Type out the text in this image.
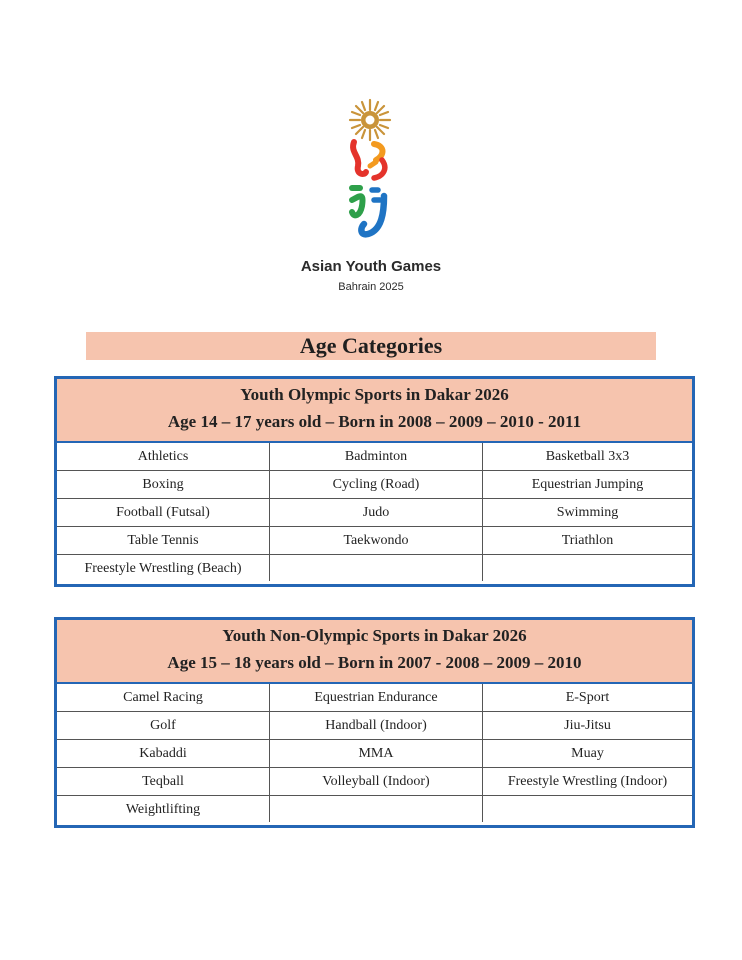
Asian Youth Games
Bahrain 2025
Age Categories
Youth Olympic Sports in Dakar 2026
Age 14 – 17 years old – Born in 2008 – 2009 – 2010 - 2011
Athletics	Badminton	Basketball 3x3
Boxing	Cycling (Road)	Equestrian Jumping
Football (Futsal)	Judo	Swimming
Table Tennis	Taekwondo	Triathlon
Freestyle Wrestling (Beach)
Youth Non-Olympic Sports in Dakar 2026
Age 15 – 18 years old – Born in 2007 - 2008 – 2009 – 2010
Camel Racing	Equestrian Endurance	E-Sport
Golf	Handball (Indoor)	Jiu-Jitsu
Kabaddi	MMA	Muay
Teqball	Volleyball (Indoor)	Freestyle Wrestling (Indoor)
Weightlifting
